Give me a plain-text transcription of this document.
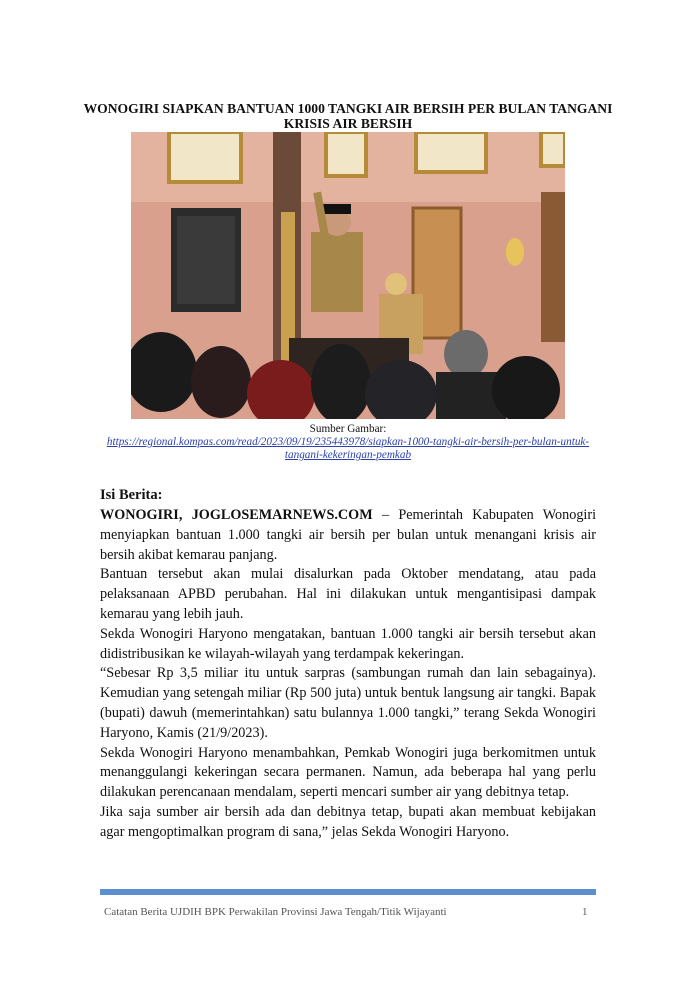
WONOGIRI SIAPKAN BANTUAN 1000 TANGKI AIR BERSIH PER BULAN TANGANI KRISIS AIR BERSIH
Sumber Gambar:
https://regional.kompas.com/read/2023/09/19/235443978/siapkan-1000-tangki-air-bersih-per-bulan-untuk-tangani-kekeringan-pemkab
Isi Berita:

WONOGIRI, JOGLOSEMARNEWS.COM – Pemerintah Kabupaten Wonogiri menyiapkan bantuan 1.000 tangki air bersih per bulan untuk menangani krisis air bersih akibat kemarau panjang.

Bantuan tersebut akan mulai disalurkan pada Oktober mendatang, atau pada pelaksanaan APBD perubahan. Hal ini dilakukan untuk mengantisipasi dampak kemarau yang lebih jauh.

Sekda Wonogiri Haryono mengatakan, bantuan 1.000 tangki air bersih tersebut akan didistribusikan ke wilayah-wilayah yang terdampak kekeringan.

“Sebesar Rp 3,5 miliar itu untuk sarpras (sambungan rumah dan lain sebagainya). Kemudian yang setengah miliar (Rp 500 juta) untuk bentuk langsung air tangki. Bapak (bupati) dawuh (memerintahkan) satu bulannya 1.000 tangki,” terang Sekda Wonogiri Haryono, Kamis (21/9/2023).

Sekda Wonogiri Haryono menambahkan, Pemkab Wonogiri juga berkomitmen untuk menanggulangi kekeringan secara permanen. Namun, ada beberapa hal yang perlu dilakukan perencanaan mendalam, seperti mencari sumber air yang debitnya tetap.

Jika saja sumber air bersih ada dan debitnya tetap, bupati akan membuat kebijakan agar mengoptimalkan program di sana,” jelas Sekda Wonogiri Haryono.

Catatan Berita UJDIH BPK Perwakilan Provinsi Jawa Tengah/Titik Wijayanti	1
